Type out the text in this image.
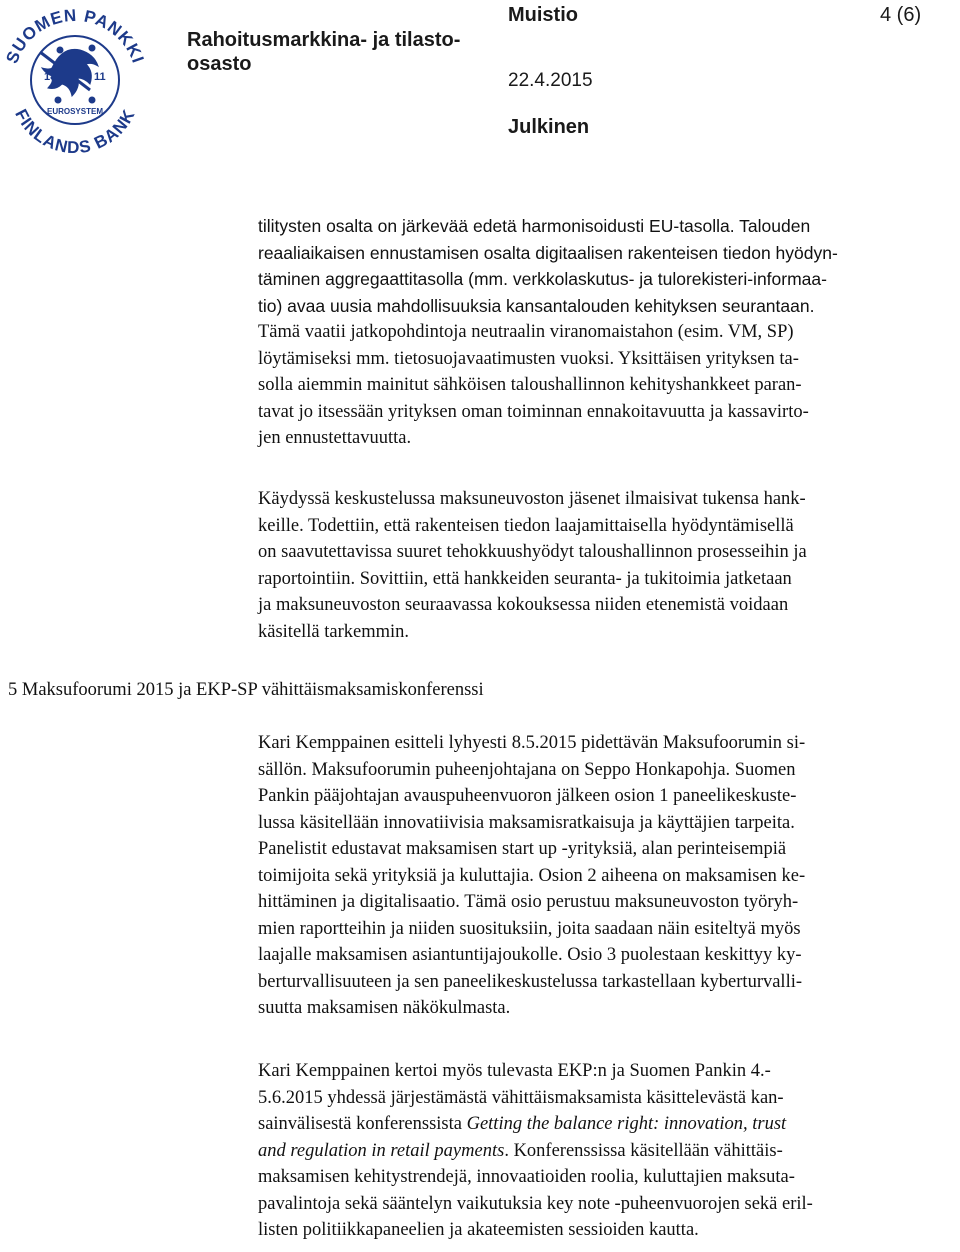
SUOMEN PANKKI
FINLANDS BANK
18	11
EUROSYSTEM
Rahoitusmarkkina- ja tilasto-osasto
Muistio	4 (6)
22.4.2015
Julkinen

tilitysten osalta on järkevää edetä harmonisoidusti EU-tasolla. Talouden
reaaliaikaisen ennustamisen osalta digitaalisen rakenteisen tiedon hyödyn-
täminen aggregaattitasolla (mm. verkkolaskutus- ja tulorekisteri-informaa-
tio) avaa uusia mahdollisuuksia kansantalouden kehityksen seurantaan.
Tämä vaatii jatkopohdintoja neutraalin viranomaistahon (esim. VM, SP)
löytämiseksi mm. tietosuojavaatimusten vuoksi. Yksittäisen yrityksen ta-
solla aiemmin mainitut sähköisen taloushallinnon kehityshankkeet paran-
tavat jo itsessään yrityksen oman toiminnan ennakoitavuutta ja kassavirto-
jen ennustettavuutta.

Käydyssä keskustelussa maksuneuvoston jäsenet ilmaisivat tukensa hank-
keille. Todettiin, että rakenteisen tiedon laajamittaisella hyödyntämisellä
on saavutettavissa suuret tehokkuushyödyt taloushallinnon prosesseihin ja
raportointiin. Sovittiin, että hankkeiden seuranta- ja tukitoimia jatketaan
ja maksuneuvoston seuraavassa kokouksessa niiden etenemistä voidaan
käsitellä tarkemmin.

5 Maksufoorumi 2015 ja EKP-SP vähittäismaksamiskonferenssi

Kari Kemppainen esitteli lyhyesti 8.5.2015 pidettävän Maksufoorumin si-
sällön. Maksufoorumin puheenjohtajana on Seppo Honkapohja. Suomen
Pankin pääjohtajan avauspuheenvuoron jälkeen osion 1 paneelikeskuste-
lussa käsitellään innovatiivisia maksamisratkaisuja ja käyttäjien tarpeita.
Panelistit edustavat maksamisen start up -yrityksiä, alan perinteisempiä
toimijoita sekä yrityksiä ja kuluttajia. Osion 2 aiheena on maksamisen ke-
hittäminen ja digitalisaatio. Tämä osio perustuu maksuneuvoston työryh-
mien raportteihin ja niiden suosituksiin, joita saadaan näin esiteltyä myös
laajalle maksamisen asiantuntijajoukolle. Osio 3 puolestaan keskittyy ky-
berturvallisuuteen ja sen paneelikeskustelussa tarkastellaan kyberturvalli-
suutta maksamisen näkökulmasta.

Kari Kemppainen kertoi myös tulevasta EKP:n ja Suomen Pankin 4.-
5.6.2015 yhdessä järjestämästä vähittäismaksamista käsittelevästä kan-
sainvälisestä konferenssista Getting the balance right: innovation, trust
and regulation in retail payments. Konferenssissa käsitellään vähittäis-
maksamisen kehitystrendejä, innovaatioiden roolia, kuluttajien maksuta-
pavalintoja sekä sääntelyn vaikutuksia key note -puheenvuorojen sekä eril-
listen politiikkapaneelien ja akateemisten sessioiden kautta.
